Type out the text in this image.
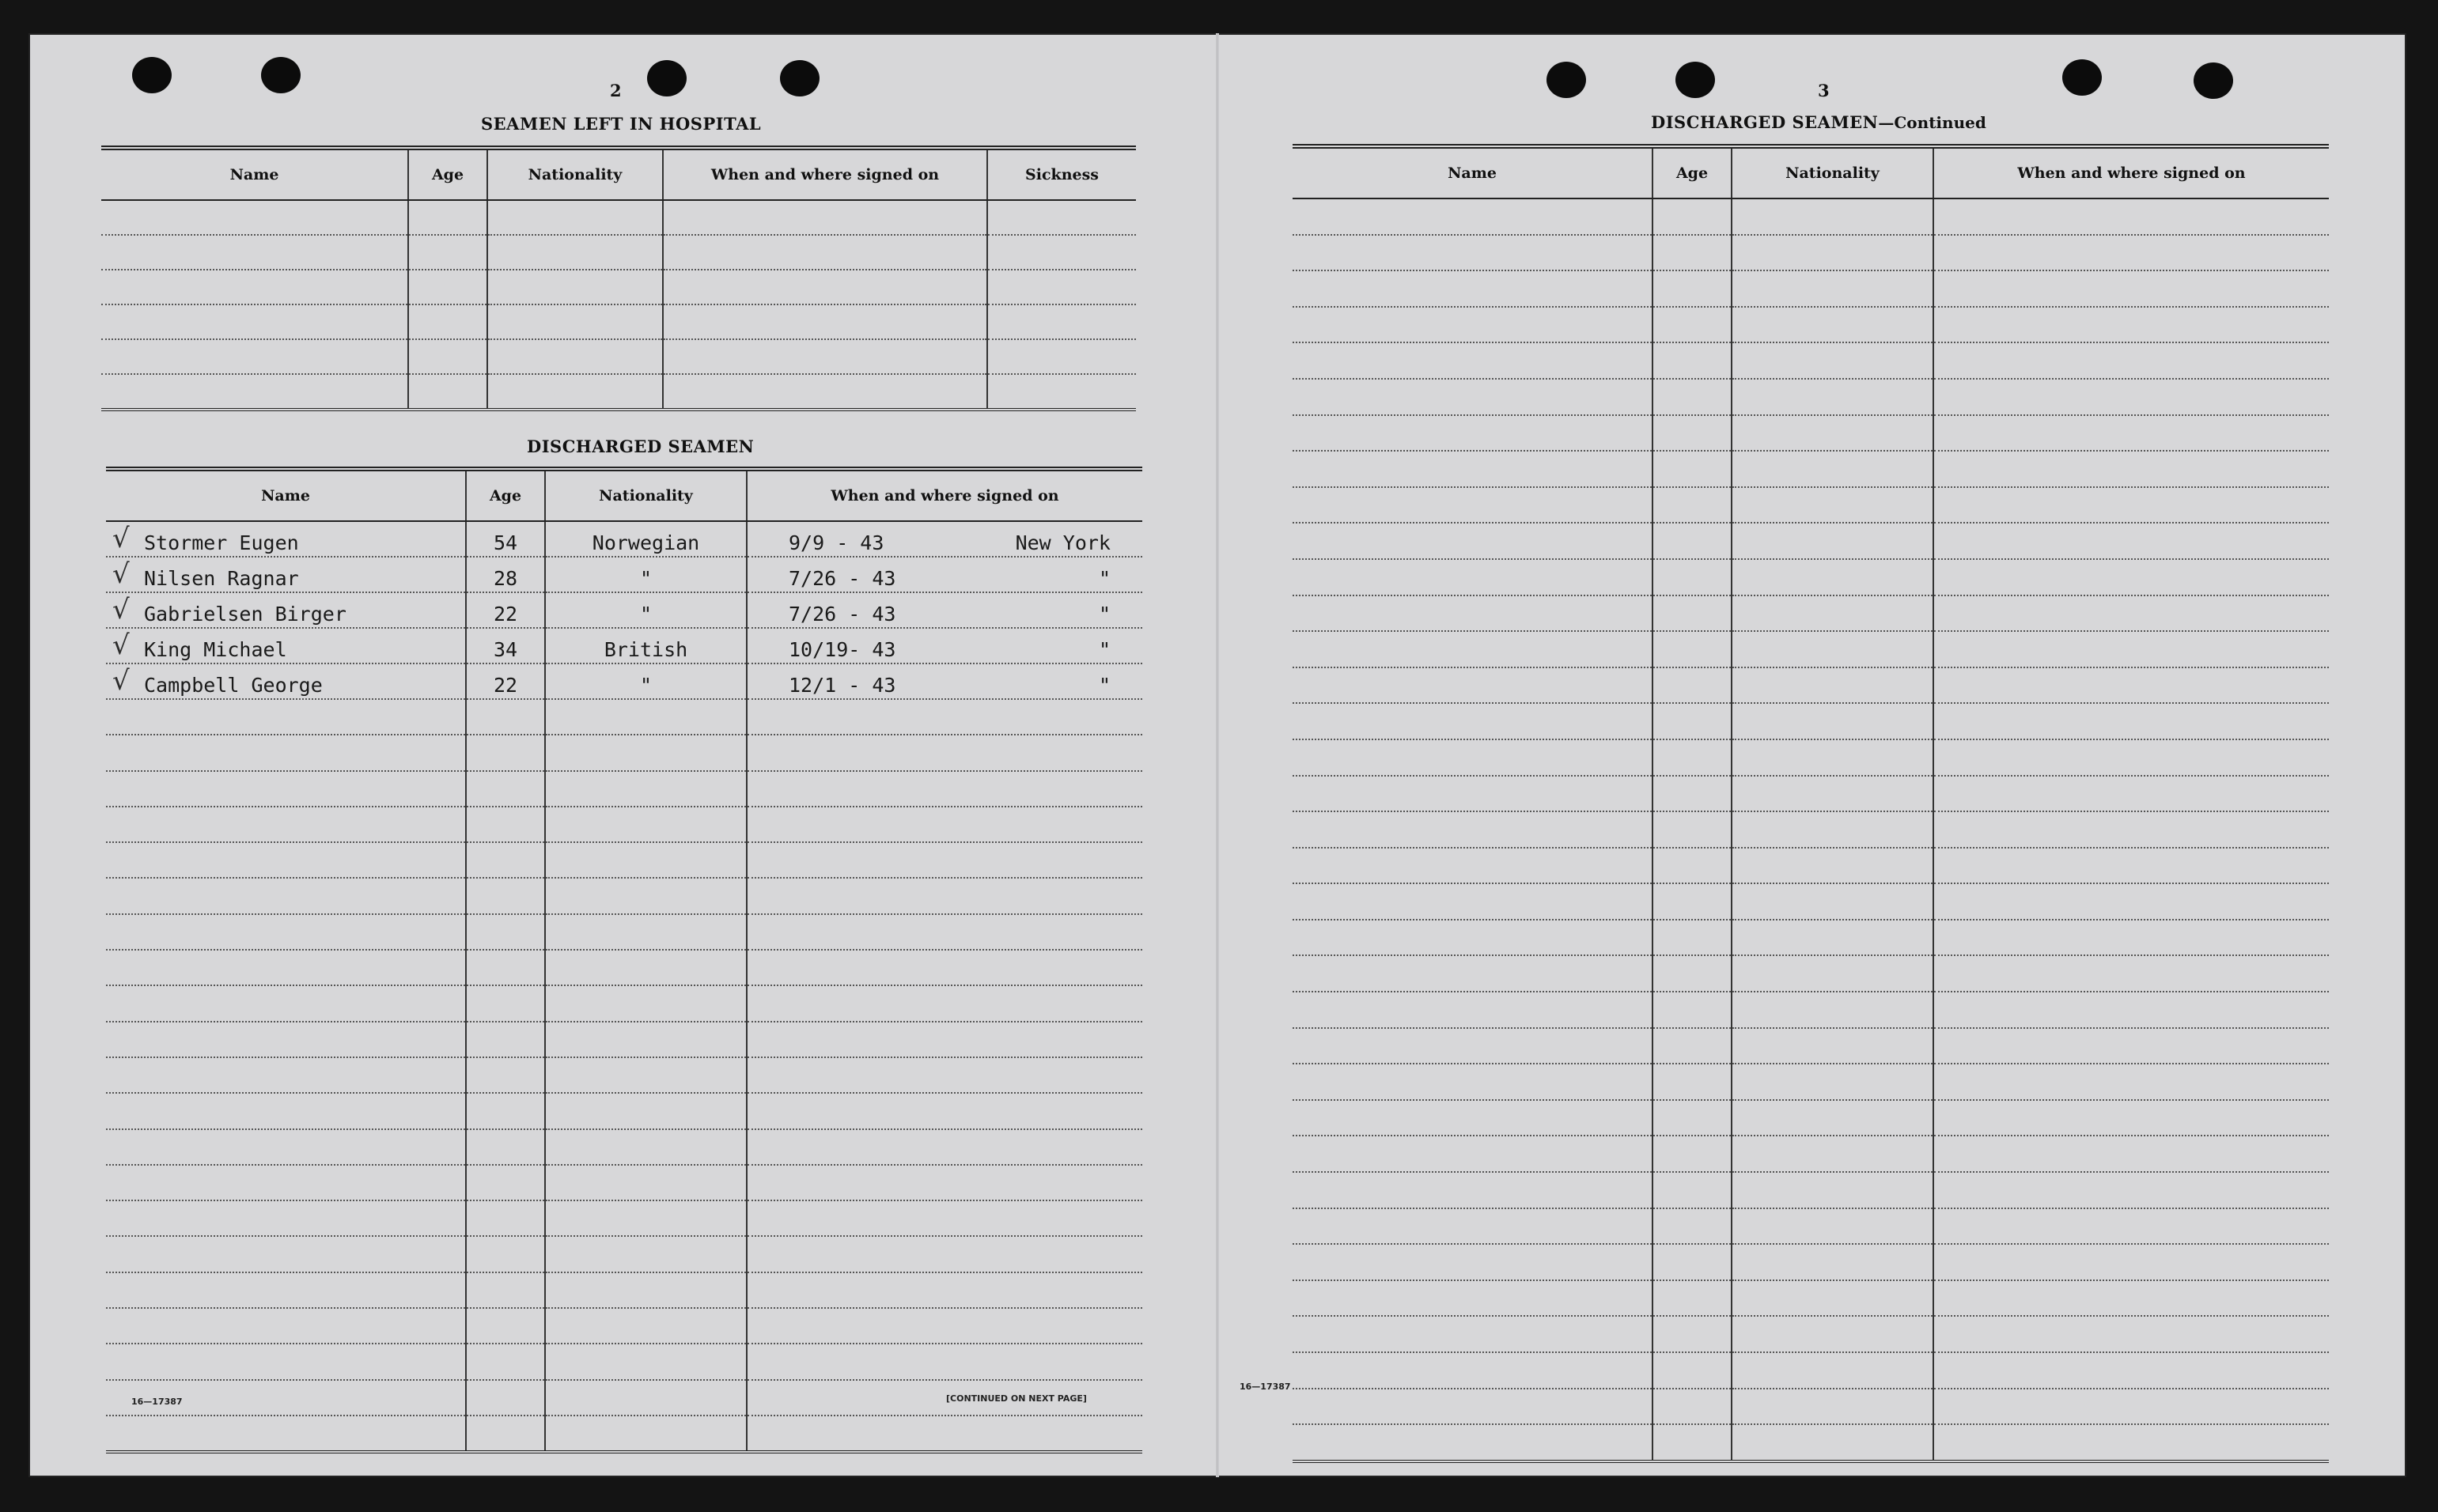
2
SEAMEN LEFT IN HOSPITAL
Name	Age	Nationality	When and where signed on	Sickness

DISCHARGED SEAMEN
Name	Age	Nationality	When and where signed on

√ Stormer Eugen	54	Norwegian	9/9 - 43 New York

√ Nilsen Ragnar	28	"	7/26 - 43 "

√ Gabrielsen Birger	22	"	7/26 - 43 "

√ King Michael	34	British	10/19- 43 "

√ Campbell George	22	"	12/1 - 43 "

16—17387	[CONTINUED ON NEXT PAGE]
3
DISCHARGED SEAMEN—Continued
Name	Age	Nationality	When and where signed on

16—17387
